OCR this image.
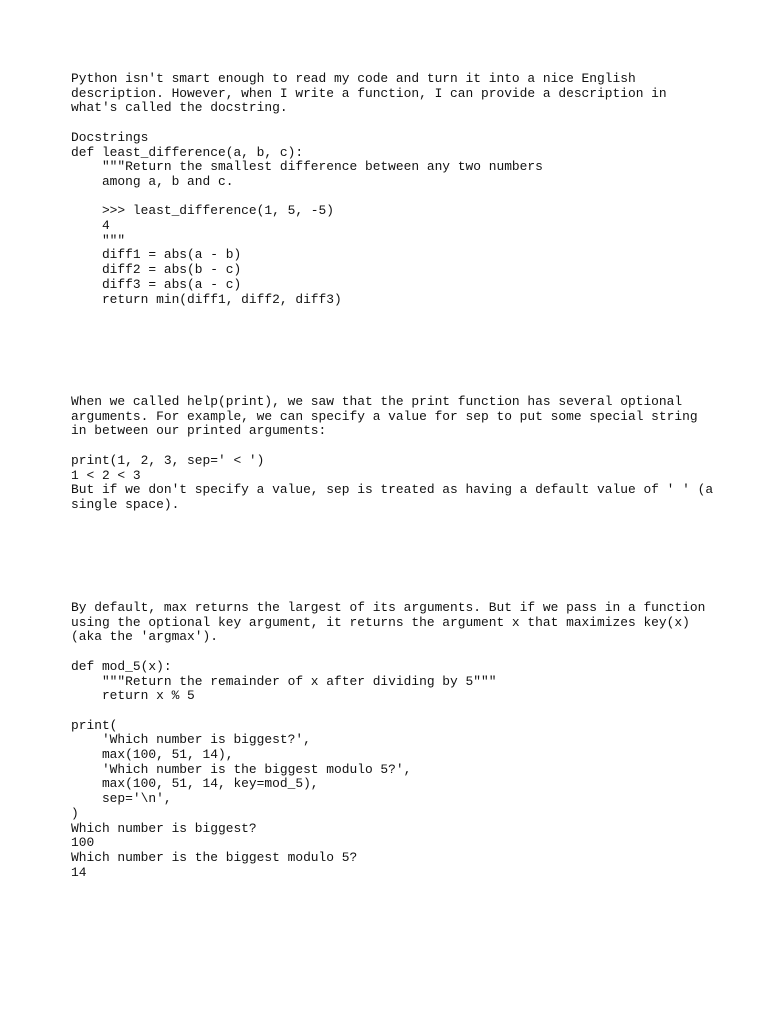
Python isn't smart enough to read my code and turn it into a nice English
description. However, when I write a function, I can provide a description in
what's called the docstring.

Docstrings
def least_difference(a, b, c):
"""Return the smallest difference between any two numbers
among a, b and c.

>>> least_difference(1, 5, -5)
4
"""
diff1 = abs(a - b)
diff2 = abs(b - c)
diff3 = abs(a - c)
return min(diff1, diff2, diff3)
When we called help(print), we saw that the print function has several optional
arguments. For example, we can specify a value for sep to put some special string
in between our printed arguments:

print(1, 2, 3, sep=' < ')
1 < 2 < 3
But if we don't specify a value, sep is treated as having a default value of ' ' (a
single space).
By default, max returns the largest of its arguments. But if we pass in a function
using the optional key argument, it returns the argument x that maximizes key(x)
(aka the 'argmax').

def mod_5(x):
"""Return the remainder of x after dividing by 5"""
return x % 5

print(
'Which number is biggest?',
max(100, 51, 14),
'Which number is the biggest modulo 5?',
max(100, 51, 14, key=mod_5),
sep='\n',
)
Which number is biggest?
100
Which number is the biggest modulo 5?
14
